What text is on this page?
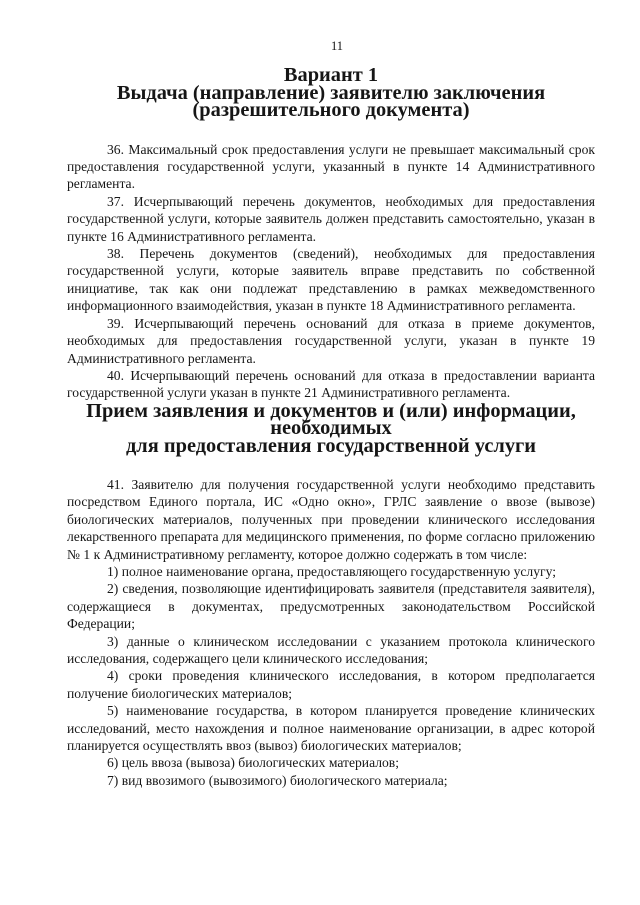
11
Вариант 1
Выдача (направление) заявителю заключения
(разрешительного документа)

36. Максимальный срок предоставления услуги не превышает максимальный срок предоставления государственной услуги, указанный в пункте 14 Административного регламента.

37. Исчерпывающий перечень документов, необходимых для предоставления государственной услуги, которые заявитель должен представить самостоятельно, указан в пункте 16 Административного регламента.

38. Перечень документов (сведений), необходимых для предоставления государственной услуги, которые заявитель вправе представить по собственной инициативе, так как они подлежат представлению в рамках межведомственного информационного взаимодействия, указан в пункте 18 Административного регламента.

39. Исчерпывающий перечень оснований для отказа в приеме документов, необходимых для предоставления государственной услуги, указан в пункте 19 Административного регламента.

40. Исчерпывающий перечень оснований для отказа в предоставлении варианта государственной услуги указан в пункте 21 Административного регламента.

Прием заявления и документов и (или) информации, необходимых
для предоставления государственной услуги

41. Заявителю для получения государственной услуги необходимо представить посредством Единого портала, ИС «Одно окно», ГРЛС заявление о ввозе (вывозе) биологических материалов, полученных при проведении клинического исследования лекарственного препарата для медицинского применения, по форме согласно приложению № 1 к Административному регламенту, которое должно содержать в том числе:

1) полное наименование органа, предоставляющего государственную услугу;

2) сведения, позволяющие идентифицировать заявителя (представителя заявителя), содержащиеся в документах, предусмотренных законодательством Российской Федерации;

3) данные о клиническом исследовании с указанием протокола клинического исследования, содержащего цели клинического исследования;

4) сроки проведения клинического исследования, в котором предполагается получение биологических материалов;

5) наименование государства, в котором планируется проведение клинических исследований, место нахождения и полное наименование организации, в адрес которой планируется осуществлять ввоз (вывоз) биологических материалов;

6) цель ввоза (вывоза) биологических материалов;

7) вид ввозимого (вывозимого) биологического материала;
